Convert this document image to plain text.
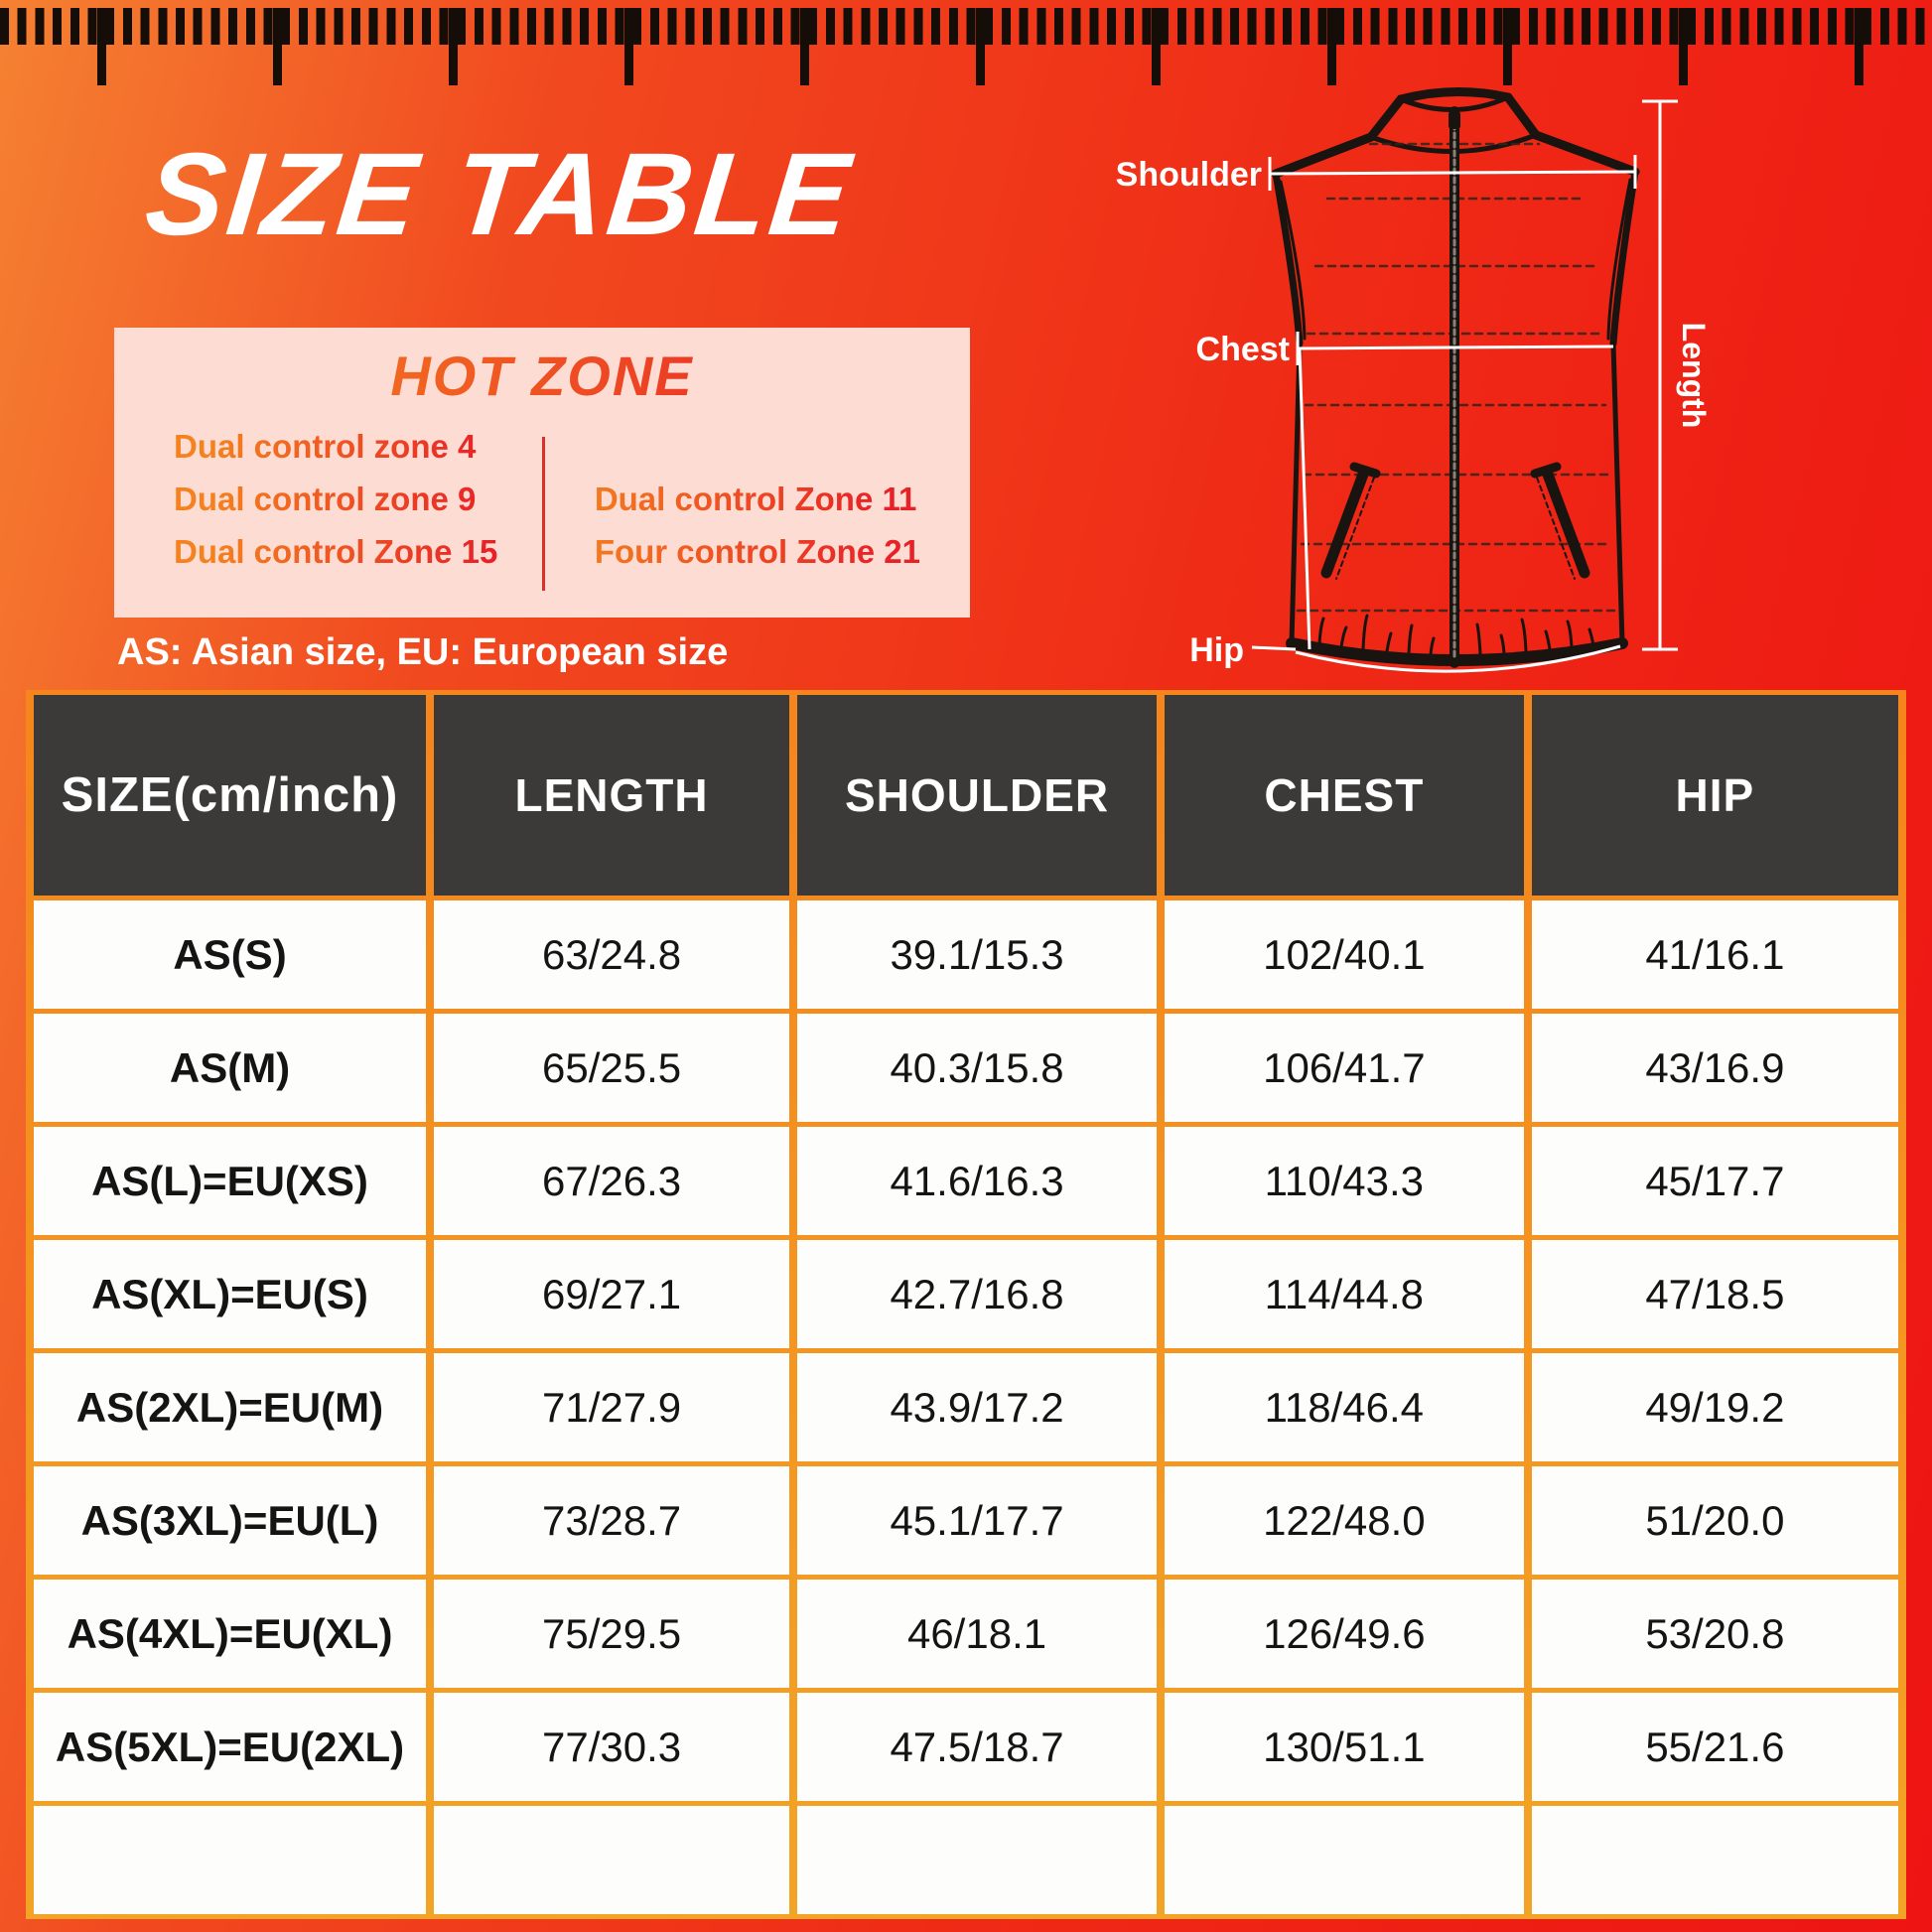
SIZE TABLE
HOT ZONE
Dual control zone 4
Dual control zone 9	Dual control Zone 11
Dual control Zone 15	Four control Zone 21
AS: Asian size, EU: European size
Shoulder
Chest
Hip
Length
SIZE(cm/inch)	LENGTH	SHOULDER	CHEST	HIP
AS(S)	63/24.8	39.1/15.3	102/40.1	41/16.1
AS(M)	65/25.5	40.3/15.8	106/41.7	43/16.9
AS(L)=EU(XS)	67/26.3	41.6/16.3	110/43.3	45/17.7
AS(XL)=EU(S)	69/27.1	42.7/16.8	114/44.8	47/18.5
AS(2XL)=EU(M)	71/27.9	43.9/17.2	118/46.4	49/19.2
AS(3XL)=EU(L)	73/28.7	45.1/17.7	122/48.0	51/20.0
AS(4XL)=EU(XL)	75/29.5	46/18.1	126/49.6	53/20.8
AS(5XL)=EU(2XL)	77/30.3	47.5/18.7	130/51.1	55/21.6
